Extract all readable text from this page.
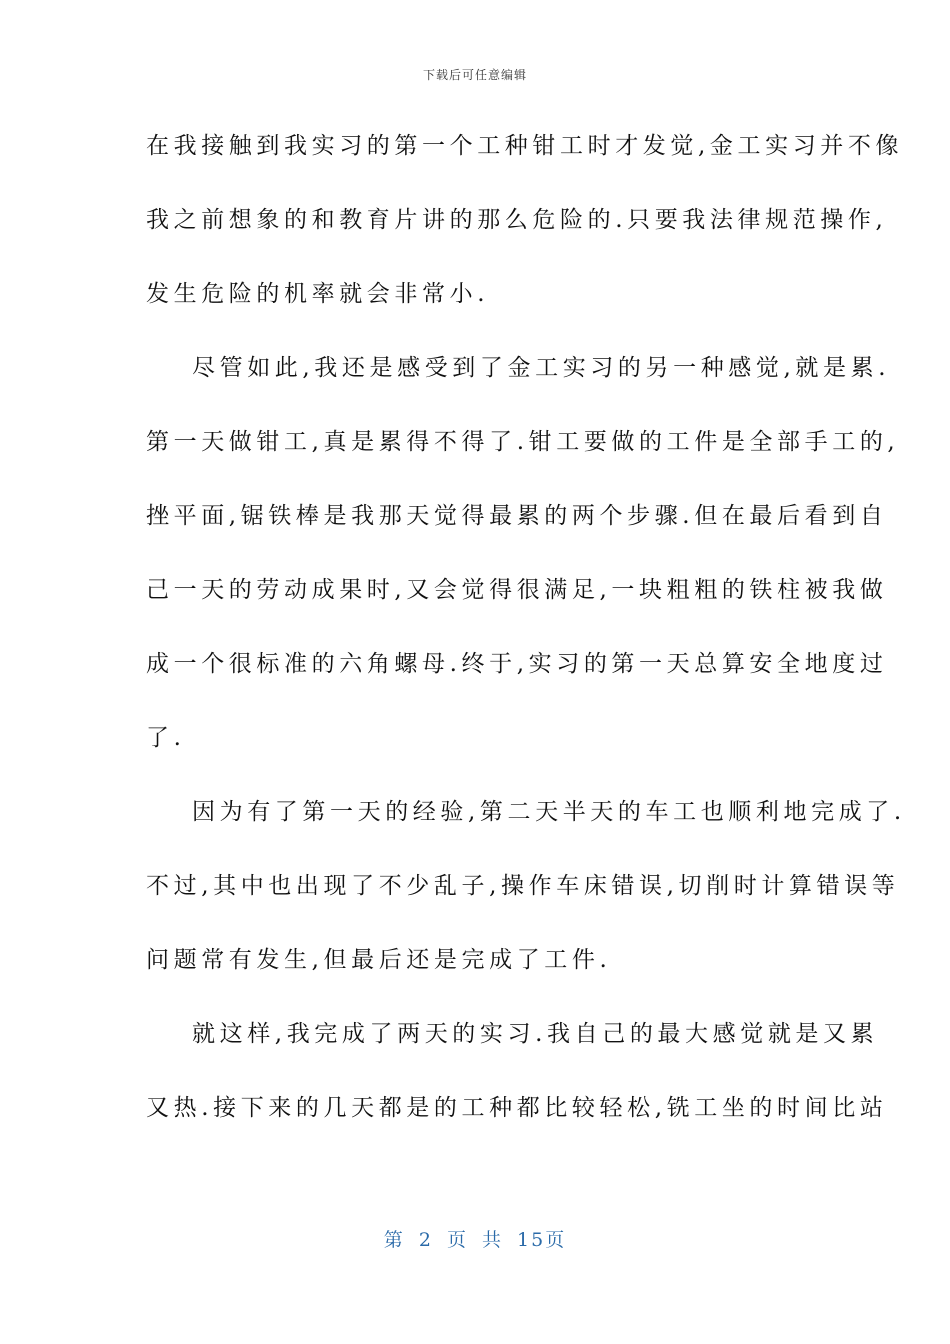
下载后可任意编辑
在我接触到我实习的第一个工种钳工时才发觉,金工实习并不像
我之前想象的和教育片讲的那么危险的.只要我法律规范操作,
发生危险的机率就会非常小.
尽管如此,我还是感受到了金工实习的另一种感觉,就是累.
第一天做钳工,真是累得不得了.钳工要做的工件是全部手工的,
挫平面,锯铁棒是我那天觉得最累的两个步骤.但在最后看到自
己一天的劳动成果时,又会觉得很满足,一块粗粗的铁柱被我做
成一个很标准的六角螺母.终于,实习的第一天总算安全地度过
了.
因为有了第一天的经验,第二天半天的车工也顺利地完成了.
不过,其中也出现了不少乱子,操作车床错误,切削时计算错误等
问题常有发生,但最后还是完成了工件.
就这样,我完成了两天的实习.我自己的最大感觉就是又累
又热.接下来的几天都是的工种都比较轻松,铣工坐的时间比站
第 2 页 共 15页
